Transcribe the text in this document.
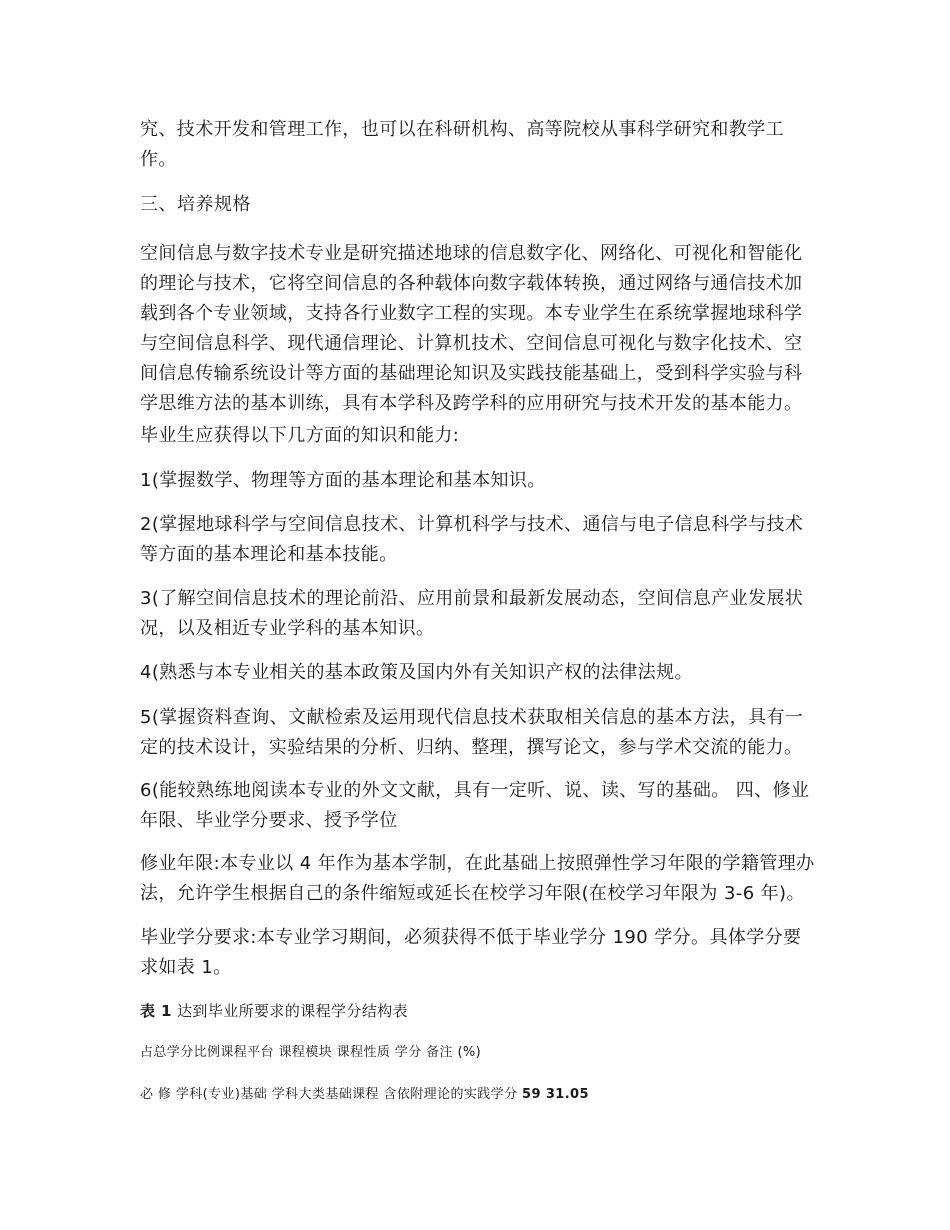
究、技术开发和管理工作，也可以在科研机构、高等院校从事科学研究和教学工作。

三、培养规格

空间信息与数字技术专业是研究描述地球的信息数字化、网络化、可视化和智能化的理论与技术，它将空间信息的各种载体向数字载体转换，通过网络与通信技术加载到各个专业领域，支持各行业数字工程的实现。本专业学生在系统掌握地球科学与空间信息科学、现代通信理论、计算机技术、空间信息可视化与数字化技术、空间信息传输系统设计等方面的基础理论知识及实践技能基础上，受到科学实验与科学思维方法的基本训练，具有本学科及跨学科的应用研究与技术开发的基本能力。

毕业生应获得以下几方面的知识和能力:

1(掌握数学、物理等方面的基本理论和基本知识。

2(掌握地球科学与空间信息技术、计算机科学与技术、通信与电子信息科学与技术等方面的基本理论和基本技能。

3(了解空间信息技术的理论前沿、应用前景和最新发展动态，空间信息产业发展状况，以及相近专业学科的基本知识。

4(熟悉与本专业相关的基本政策及国内外有关知识产权的法律法规。

5(掌握资料查询、文献检索及运用现代信息技术获取相关信息的基本方法，具有一定的技术设计，实验结果的分析、归纳、整理，撰写论文，参与学术交流的能力。

6(能较熟练地阅读本专业的外文文献，具有一定听、说、读、写的基础。 四、修业年限、毕业学分要求、授予学位

修业年限:本专业以 4 年作为基本学制，在此基础上按照弹性学习年限的学籍管理办法，允许学生根据自己的条件缩短或延长在校学习年限(在校学习年限为 3-6 年)。

毕业学分要求:本专业学习期间，必须获得不低于毕业学分 190 学分。具体学分要求如表 1。

表 1 达到毕业所要求的课程学分结构表

占总学分比例课程平台 课程模块 课程性质 学分 备注 (%)

必 修 学科(专业)基础 学科大类基础课程 含依附理论的实践学分 59 31.05
